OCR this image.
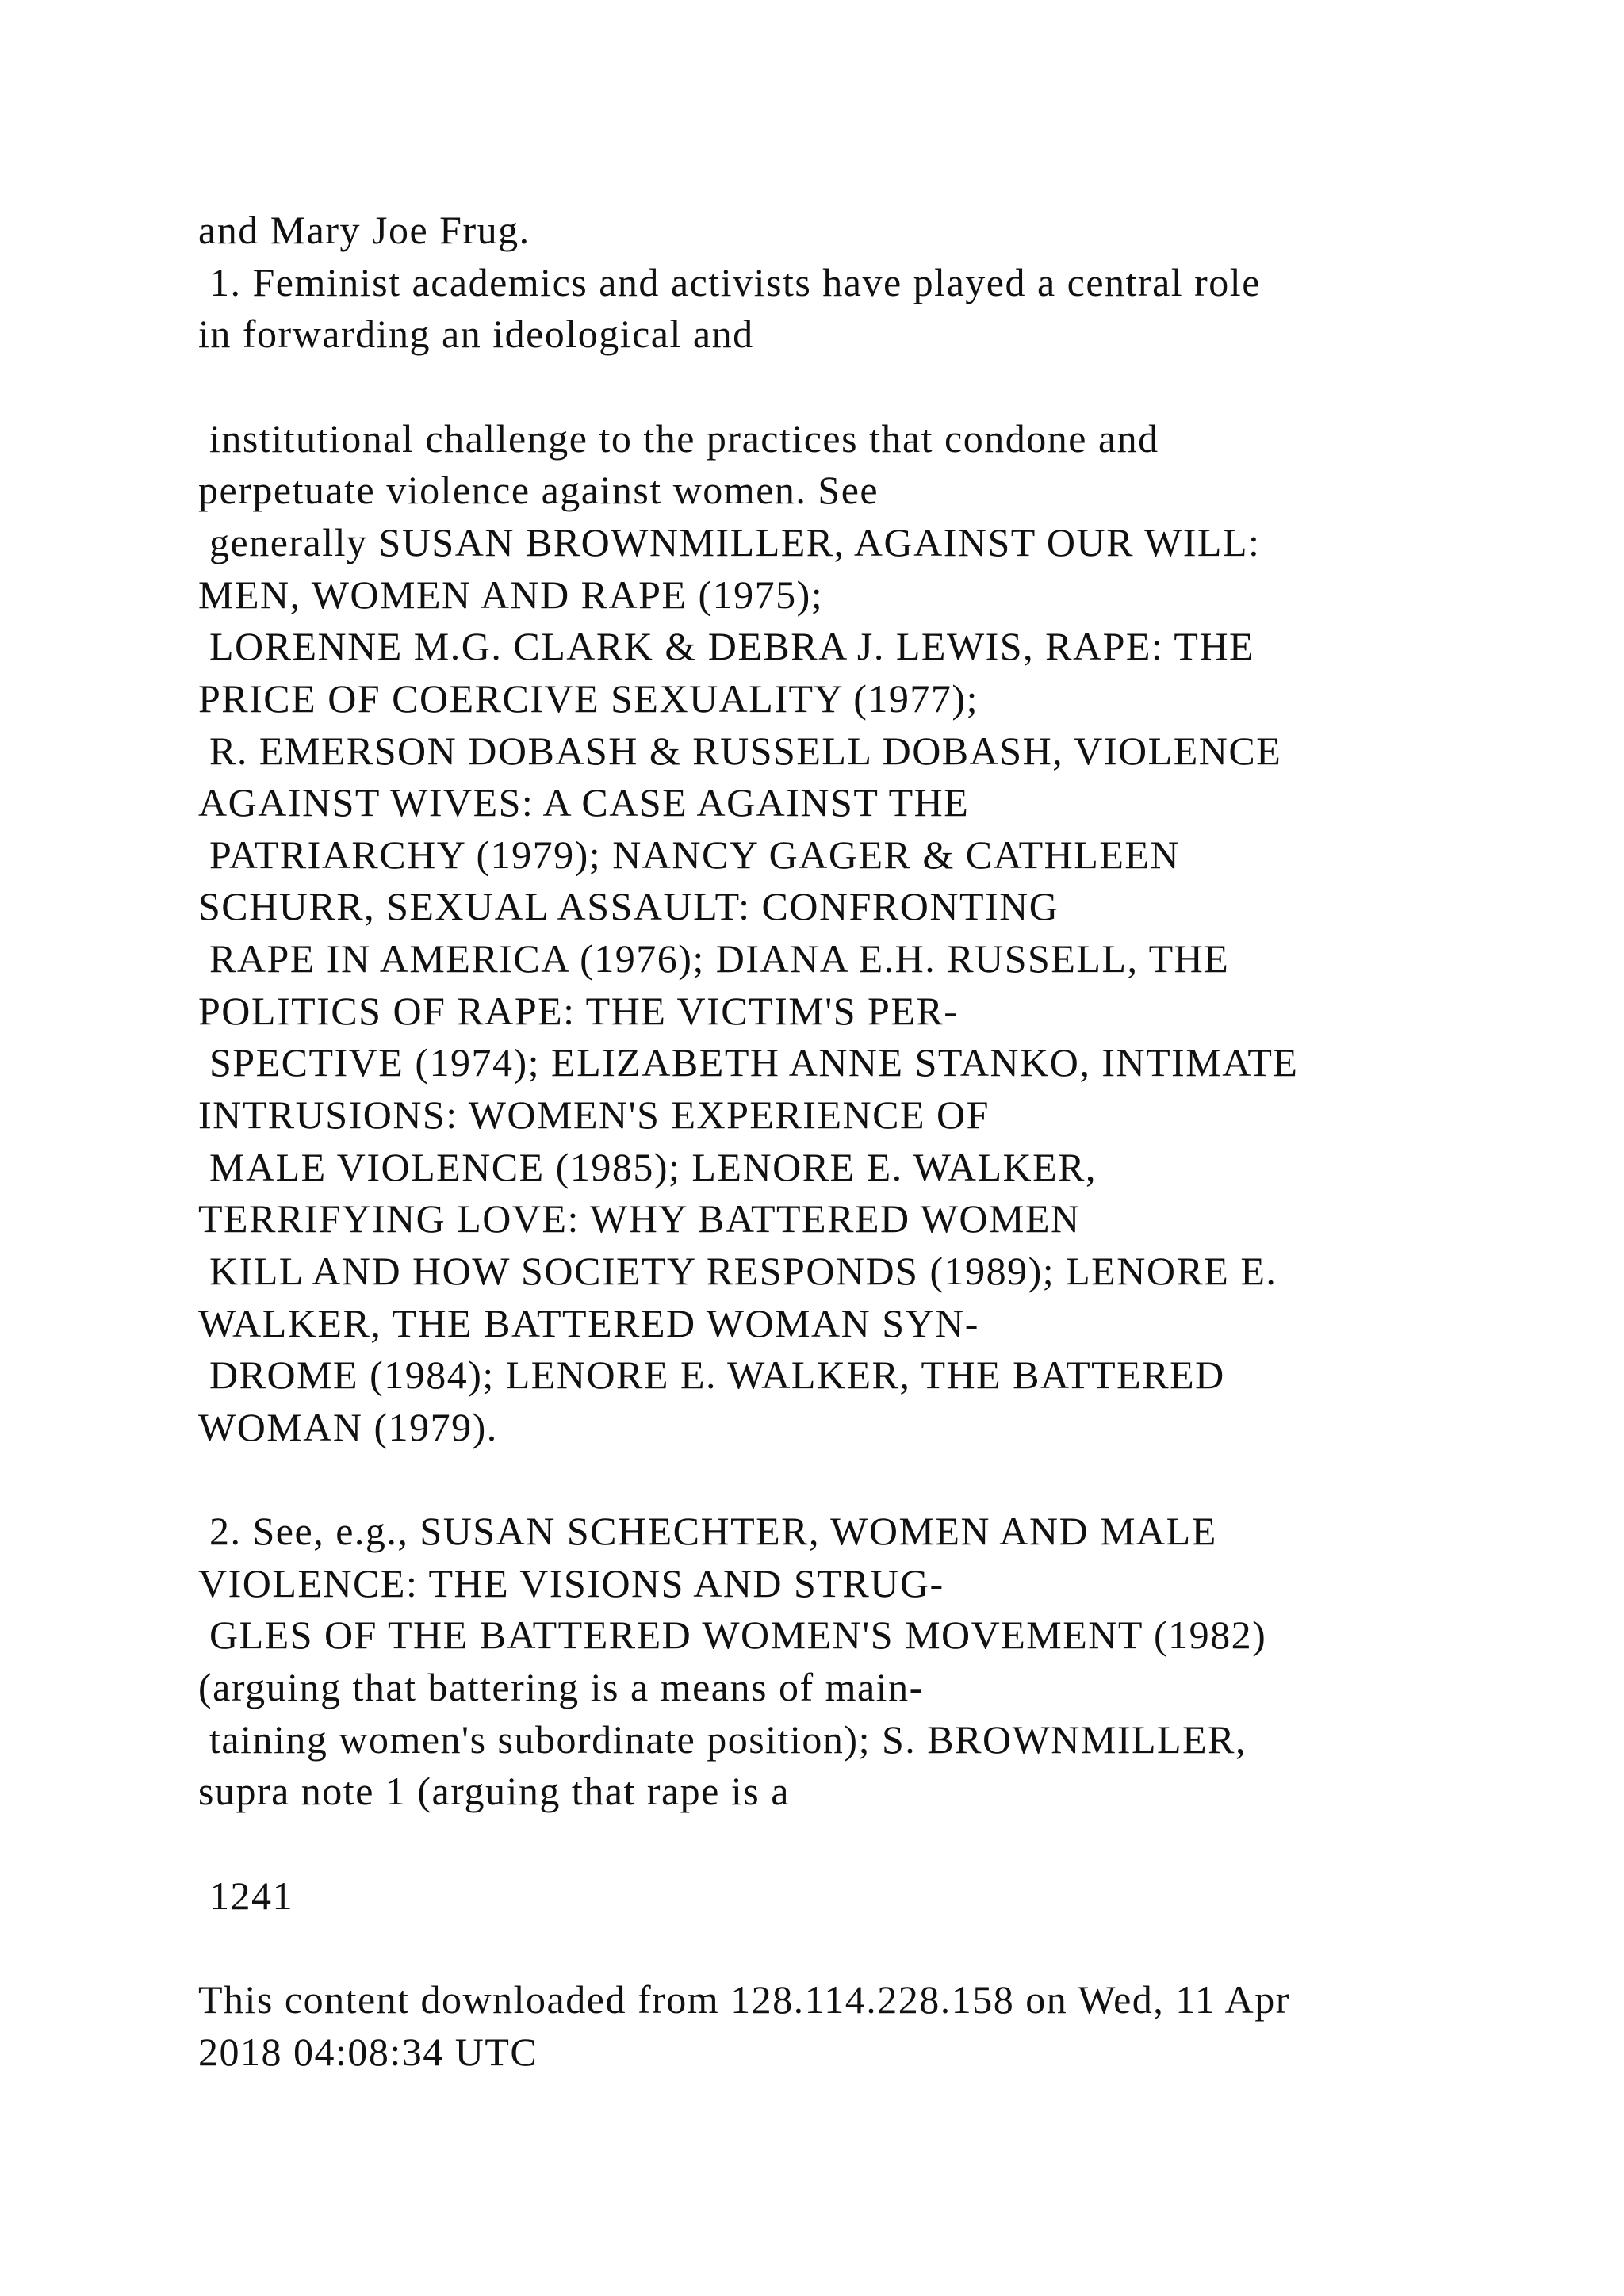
and Mary Joe Frug.
1. Feminist academics and activists have played a central role
in forwarding an ideological and
institutional challenge to the practices that condone and
perpetuate violence against women. See
generally SUSAN BROWNMILLER, AGAINST OUR WILL:
MEN, WOMEN AND RAPE (1975);
LORENNE M.G. CLARK & DEBRA J. LEWIS, RAPE: THE
PRICE OF COERCIVE SEXUALITY (1977);
R. EMERSON DOBASH & RUSSELL DOBASH, VIOLENCE
AGAINST WIVES: A CASE AGAINST THE
PATRIARCHY (1979); NANCY GAGER & CATHLEEN
SCHURR, SEXUAL ASSAULT: CONFRONTING
RAPE IN AMERICA (1976); DIANA E.H. RUSSELL, THE
POLITICS OF RAPE: THE VICTIM'S PER-
SPECTIVE (1974); ELIZABETH ANNE STANKO, INTIMATE
INTRUSIONS: WOMEN'S EXPERIENCE OF
MALE VIOLENCE (1985); LENORE E. WALKER,
TERRIFYING LOVE: WHY BATTERED WOMEN
KILL AND HOW SOCIETY RESPONDS (1989); LENORE E.
WALKER, THE BATTERED WOMAN SYN-
DROME (1984); LENORE E. WALKER, THE BATTERED
WOMAN (1979).
2. See, e.g., SUSAN SCHECHTER, WOMEN AND MALE
VIOLENCE: THE VISIONS AND STRUG-
GLES OF THE BATTERED WOMEN'S MOVEMENT (1982)
(arguing that battering is a means of main-
taining women's subordinate position); S. BROWNMILLER,
supra note 1 (arguing that rape is a
1241
This content downloaded from 128.114.228.158 on Wed, 11 Apr
2018 04:08:34 UTC
